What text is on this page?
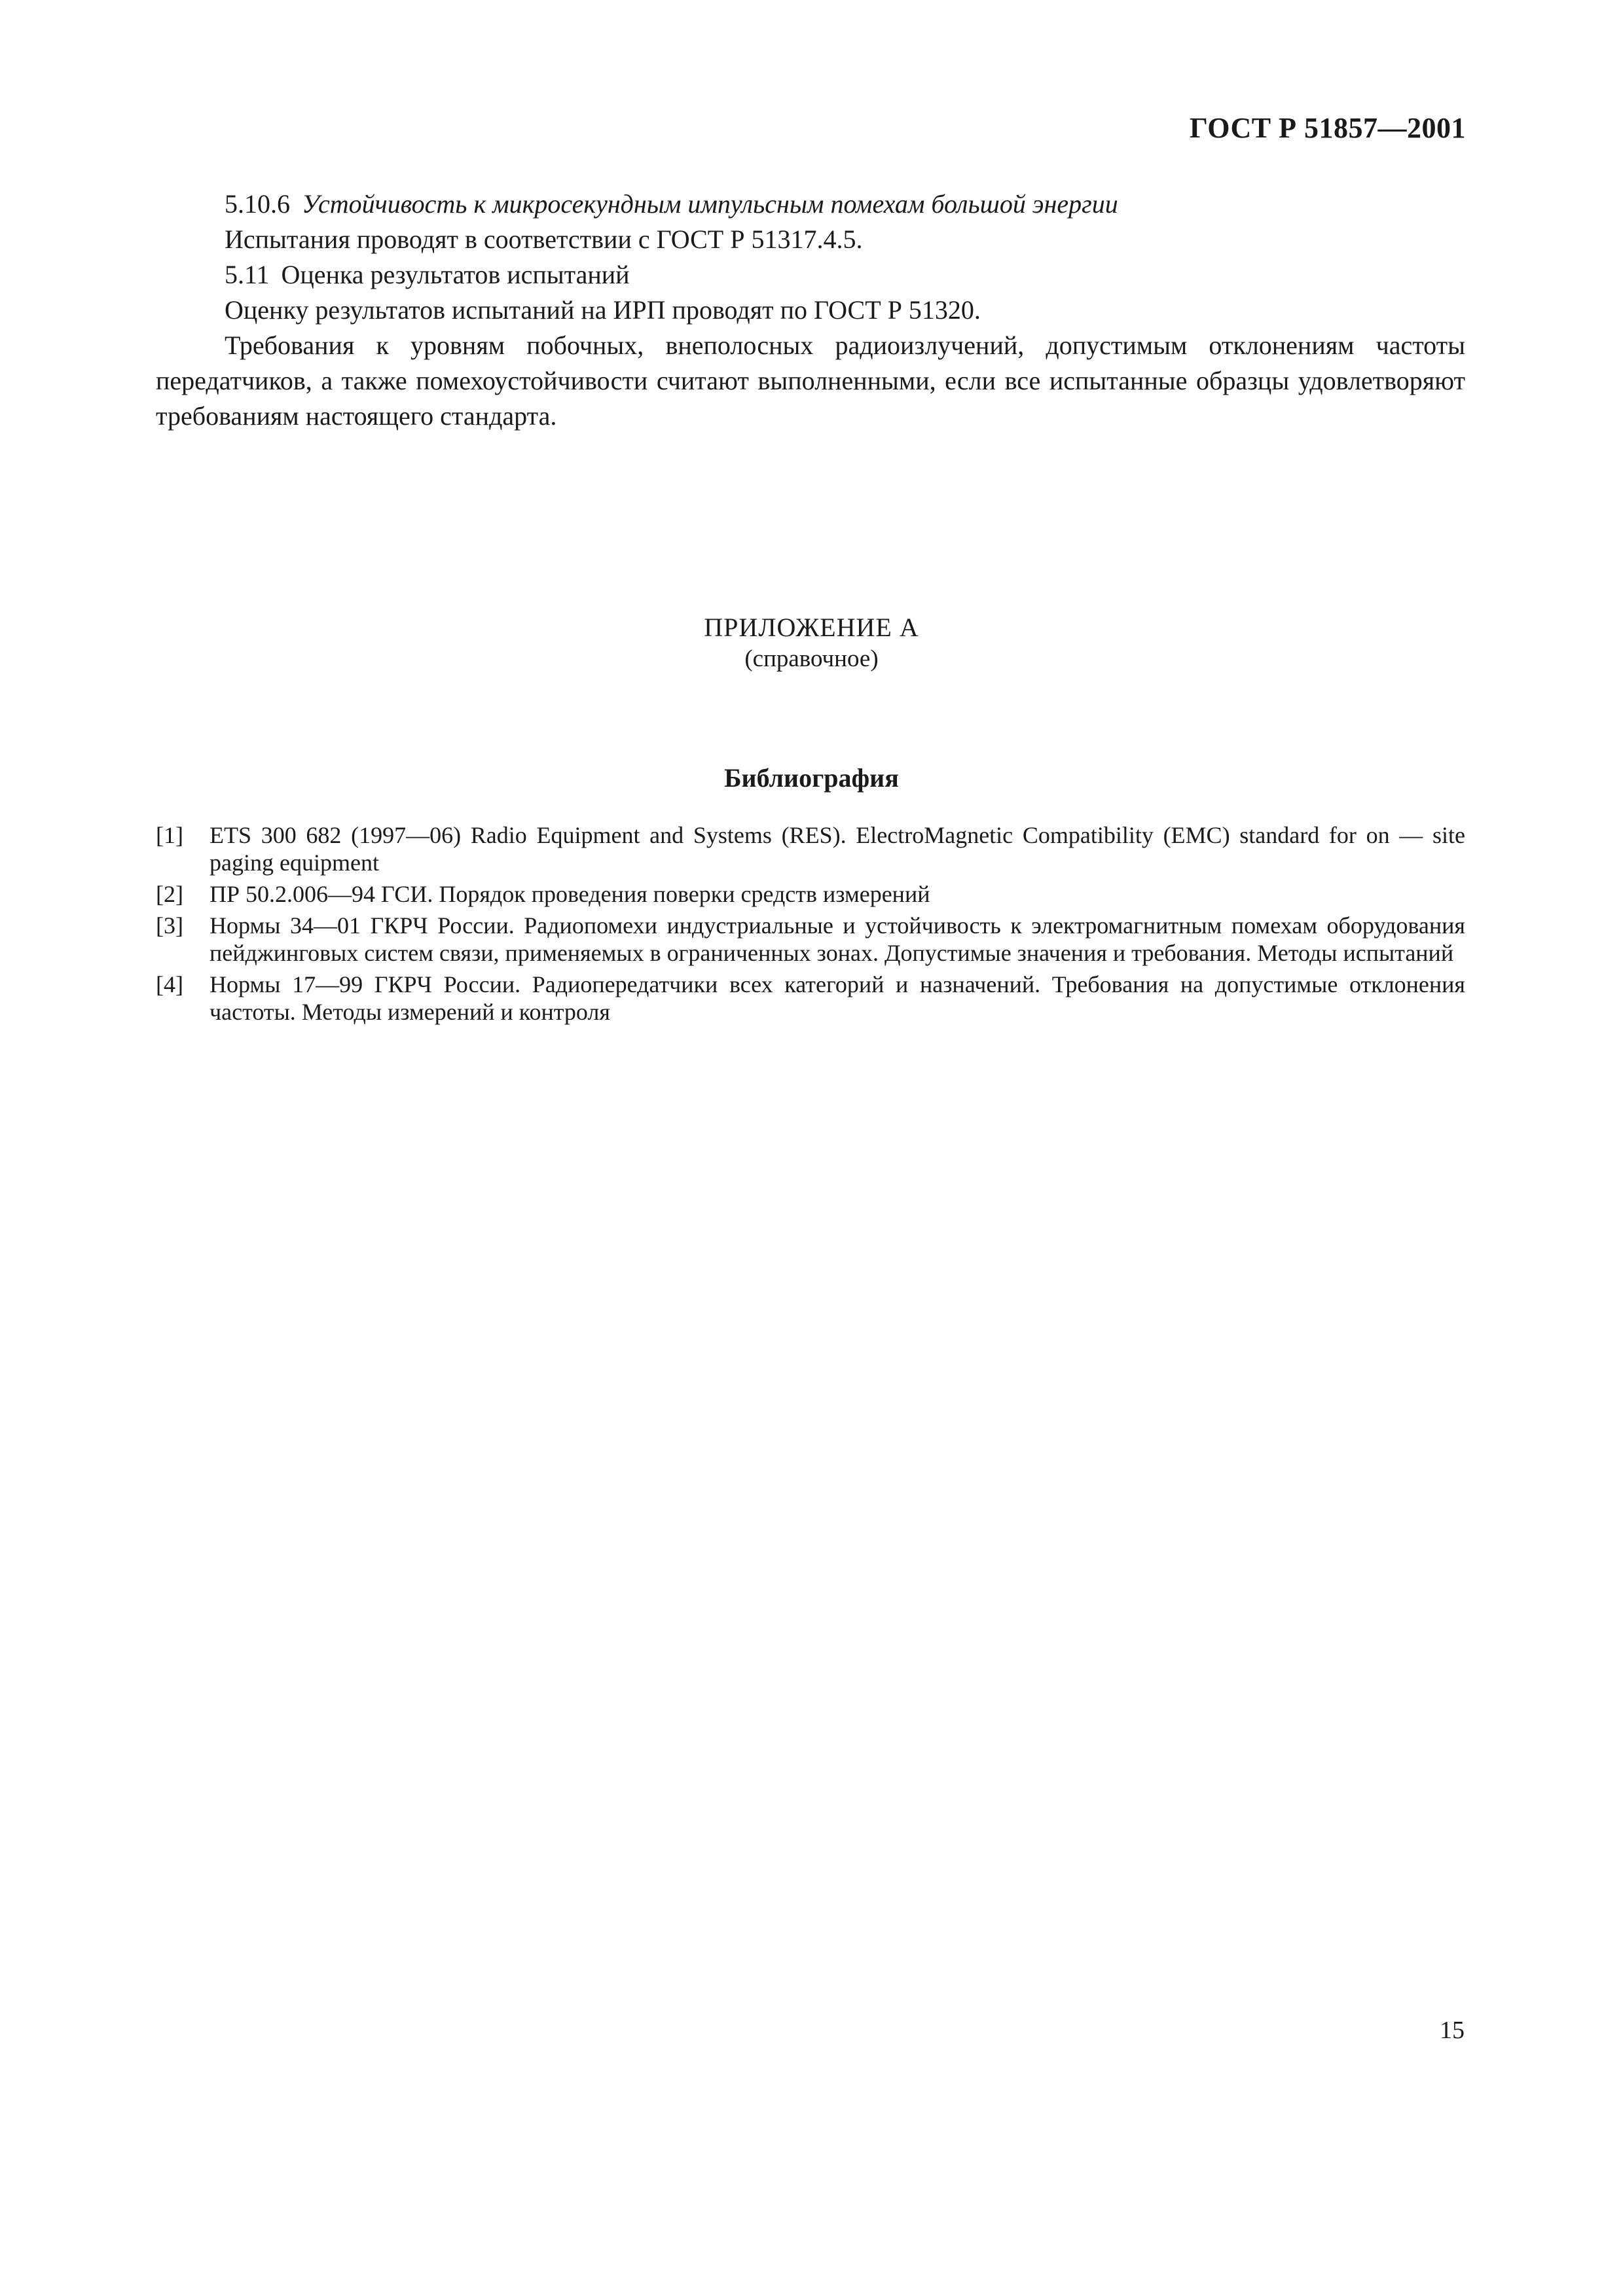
ГОСТ Р 51857—2001

5.10.6 Устойчивость к микросекундным импульсным помехам большой энергии

Испытания проводят в соответствии с ГОСТ Р 51317.4.5.

5.11 Оценка результатов испытаний

Оценку результатов испытаний на ИРП проводят по ГОСТ Р 51320.

Требования к уровням побочных, внеполосных радиоизлучений, допустимым отклонениям частоты передатчиков, а также помехоустойчивости считают выполненными, если все испытанные образцы удовлетворяют требованиям настоящего стандарта.

ПРИЛОЖЕНИЕ А
(справочное)
Библиография
[1]	ETS 300 682 (1997—06) Radio Equipment and Systems (RES). ElectroMagnetic Compatibility (EMC) standard for on — site paging equipment
[2]	ПР 50.2.006—94 ГСИ. Порядок проведения поверки средств измерений
[3]	Нормы 34—01 ГКРЧ России. Радиопомехи индустриальные и устойчивость к электромагнитным помехам оборудования пейджинговых систем связи, применяемых в ограниченных зонах. Допустимые значения и требования. Методы испытаний
[4]	Нормы 17—99 ГКРЧ России. Радиопередатчики всех категорий и назначений. Требования на допустимые отклонения частоты. Методы измерений и контроля
15
